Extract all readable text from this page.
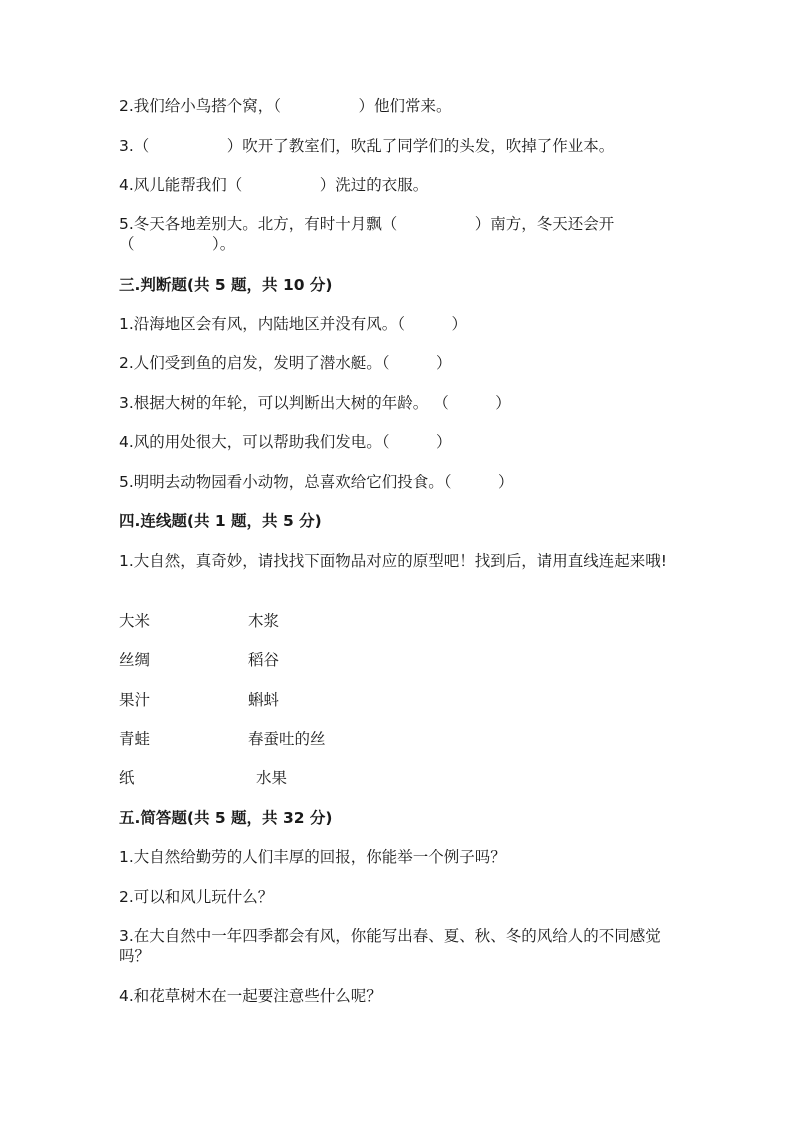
2.我们给小鸟搭个窝，（　　　　　）他们常来。
3.（　　　　　）吹开了教室们，吹乱了同学们的头发，吹掉了作业本。
4.风儿能帮我们（　　　　　）洗过的衣服。
5.冬天各地差别大。北方，有时十月飘（　　　　　）南方，冬天还会开（　　　　　）。
三.判断题(共 5 题，共 10 分)
1.沿海地区会有风，内陆地区并没有风。（　　　）
2.人们受到鱼的启发，发明了潜水艇。（　　　）
3.根据大树的年轮，可以判断出大树的年龄。 （　　　）
4.风的用处很大，可以帮助我们发电。（　　　）
5.明明去动物园看小动物，总喜欢给它们投食。（　　　）
四.连线题(共 1 题，共 5 分)
1.大自然，真奇妙，请找找下面物品对应的原型吧！找到后，请用直线连起来哦!
大米	木浆
丝绸	稻谷
果汁	蝌蚪
青蛙	春蚕吐的丝
纸	水果
五.简答题(共 5 题，共 32 分)
1.大自然给勤劳的人们丰厚的回报，你能举一个例子吗？
2.可以和风儿玩什么？
3.在大自然中一年四季都会有风，你能写出春、夏、秋、冬的风给人的不同感觉吗？
4.和花草树木在一起要注意些什么呢？
